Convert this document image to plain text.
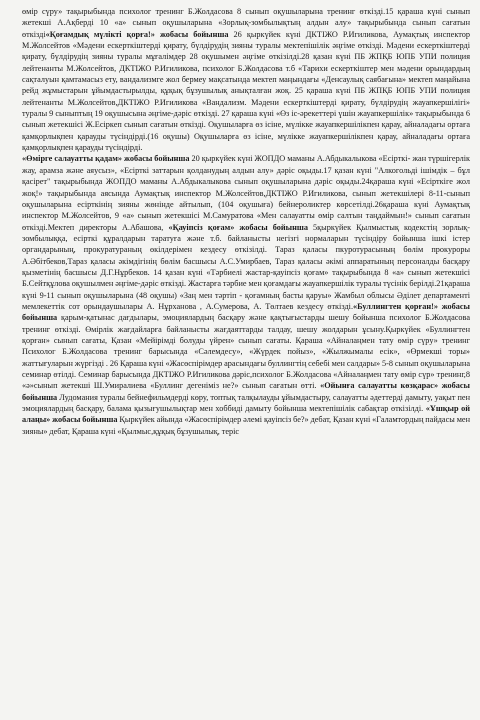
өмір сүру» тақырыбында психолог тренинг Б.Жолдасова 8 сынып оқушыларына тренинг өткізді.15 қараша күні сынып жетекші А.Ақберді 10 «а» сынып оқушыларына «Зорлық-зомбылықтың алдын алу» тақырыбында сынып сағатын өткізді«Қоғамдық мүлікті қорға!» жобасы бойынша 26 қыркүйек күні ДКТІЖО Р.Игиликова, Аумақтық инспектор М.Жолсейтов «Мәдени ескерткіштерді қирату, бүлдірудің зияны туралы мектепішілік әңгіме өткізді. Мәдени ескерткіштерді қирату, бүлдірудің зияны туралы мұғалімдер 28 оқушымен әңгіме өткізілді.28 қазан күні ПБ ЖПҚБ ЮПБ УПИ полиция лейтенанты М.Жолсейтов, ДКТІЖО Р.Игиликова, психолог Б.Жолдасова т.б «Тарихи ескерткіштер мен мәдени орындардың сақталуын қамтамасыз ету, вандализмге жол бермеу мақсатында мектеп маңындағы «Денсаулық саябағына» мектеп маңайына рейд жұмыстарын ұйымдастырылды, құқық бұзушылық анықталған жоқ. 25 қараша күні ПБ ЖПҚБ ЮПБ УПИ полиция лейтенанты М.Жолсейтов,ДКТІЖО Р.Игиликова «Вандализм. Мәдени ескерткіштерді қирату, бүлдірудің жауапкершілігі» туралы 9 сыныптың 19 оқушысына әңгіме-дәріс өткізді. 27 қараша күні «Өз іс-әрекеттері үшін жауапкершілік» тақырыбында 6 сынып жетекшісі Ж.Есіркеп сынып сағатын өткізді. Оқушыларға өз ісіне, мүлікке жауапкершілікпен қарау, айналадағы ортаға қамқорлықпен қарауды түсіндірді.(16 оқушы) Оқушыларға өз ісіне, мүлікке жауапкершілікпен қарау, айналадағы ортаға қамқорлықпен қарауды түсіндірді.
«Өмірге салауатты қадам» жобасы бойынша 20 қыркүйек күні ЖОПДО маманы А.Абдыкалыкова «Есірткі- жан түршігерлік жау, арамза жәнe аяусыз», «Есірткі заттарын қолданудың алдын алу» дәріс оқыды.17 қазан күні "Алкогольді ішімдік – бұл қасірет" тақырыбында ЖОПДО маманы А.Абдыкалыкова сынып оқушыларына дәріс оқыды.24қараша күні «Есірткіге жол жоқ!» тақырыбында аясында Аумақтық инспектор М.Жолсейтов,ДКТІЖО Р.Игиликова, сынып жетекшілері 8-11-сынып оқушыларына есірткінің зияны жөнінде айтылып, (104 оқушыға) бейнероликтер көрсетілді.26қараша күні Аумақтық инспектор М.Жолсейтов, 9 «а» сынып жетекшісі М.Самуратова «Мен салауатты өмір салтын таңдаймын!» сынып сағатын өткізді.Мектеп директоры А.Абашова, «Қауіпсіз қоғам» жобасы бойынша 5қыркүйек Қылмыстық кодекстің зорлық-зомбылыққа, есірткі құралдарын таратуға және т.б. байланысты негізгі нормаларын түсіндіру бойынша ішкі істер органдарының, прокуратураның өкілдерімен кездесу өткізілді. Тараз қаласы пкуротурасының бөлім прокуроры А.Әбітбеков,Тараз қаласы әкімдігінің бөлім басшысы А.С.Умирбаев, Тараз қаласы әкімі аппаратының персоналды басқару қызметінің басшысы Д.Г.Нұрбеков. 14 қазан күні «Тәрбиелі жастар-қауіпсіз қоғам» тақырыбында 8 «а» сынып жетекшісі Б.Сейтқұлова оқушылмен әңгіме-дәріс өткізді. Жастарға тәрбие мен қоғамдағы жауапкершілік туралы түсінік берілді.21қараша күні 9-11 сынып оқушыларына (48 оқушы) «Заң мен тәртіп - қоғамның басты қаруы» Жамбыл облысы Әділет департаменті мемлекеттік сот орындаушылары А. Нұрханова , А.Сумерова, А. Төлтаев кездесу өткізді.«Буллингтен қорған!» жобасы бойынша қарым-қатынас дағдылары, эмоциялардың басқару және қақтығыстарды шешу бойынша психолог Б.Жолдасова тренинг өткізді. Өмірлік жағдайларға байланысты жағдаяттарды талдау, шешу жолдарын ұсыну.Қыркүйек «Буллингтен қорған» сынып сағаты, Қазан «Мейірімді болуды үйрен» сынып сағаты. Қараша «Айналаңмен тату өмір сүру» тренинг Психолог Б.Жолдасова тренинг барысында «Сәлемдесу», «Жүрдек пойыз», «Жылжымалы есік», «Өрмекші торы» жаттығуларын жүргізді . 26 Қараша күні «Жасөспірімдер арасындағы буллингтің себебі мен салдары» 5-8 сынып оқушыларына семинар өтілді. Семинар барысында ДКТІЖО Р.Игиликова дәріс,психолог Б.Жолдасова «Айналаңмен тату өмір сүр» тренинг,8 «ә»сынып жетекші Ш.Умиралиева «Буллинг дегеніміз не?» сынып сағатын өтті. «Ойынға салауатты көзқарас» жобасы бойынша Лудомания туралы бейнефильмдерді көру, топтық талқылауды ұйымдастыру, салауатты әдеттерді дамыту, уақыт пен эмоциялардың басқару, балама қызығушылықтар мен хоббиді дамыту бойынша мектепішілік сабақтар өткізілді. «Ұшқыр ой алаңы» жобасы бойынша Қыркүйек айында «Жасөспірімдер әлемі қауіпсіз бе?» дебат, Қазан күні «Галамтордың пайдасы мен зияны» дебат, Қараша күні «Қылмыс,құқық бұзушылық, теріс
